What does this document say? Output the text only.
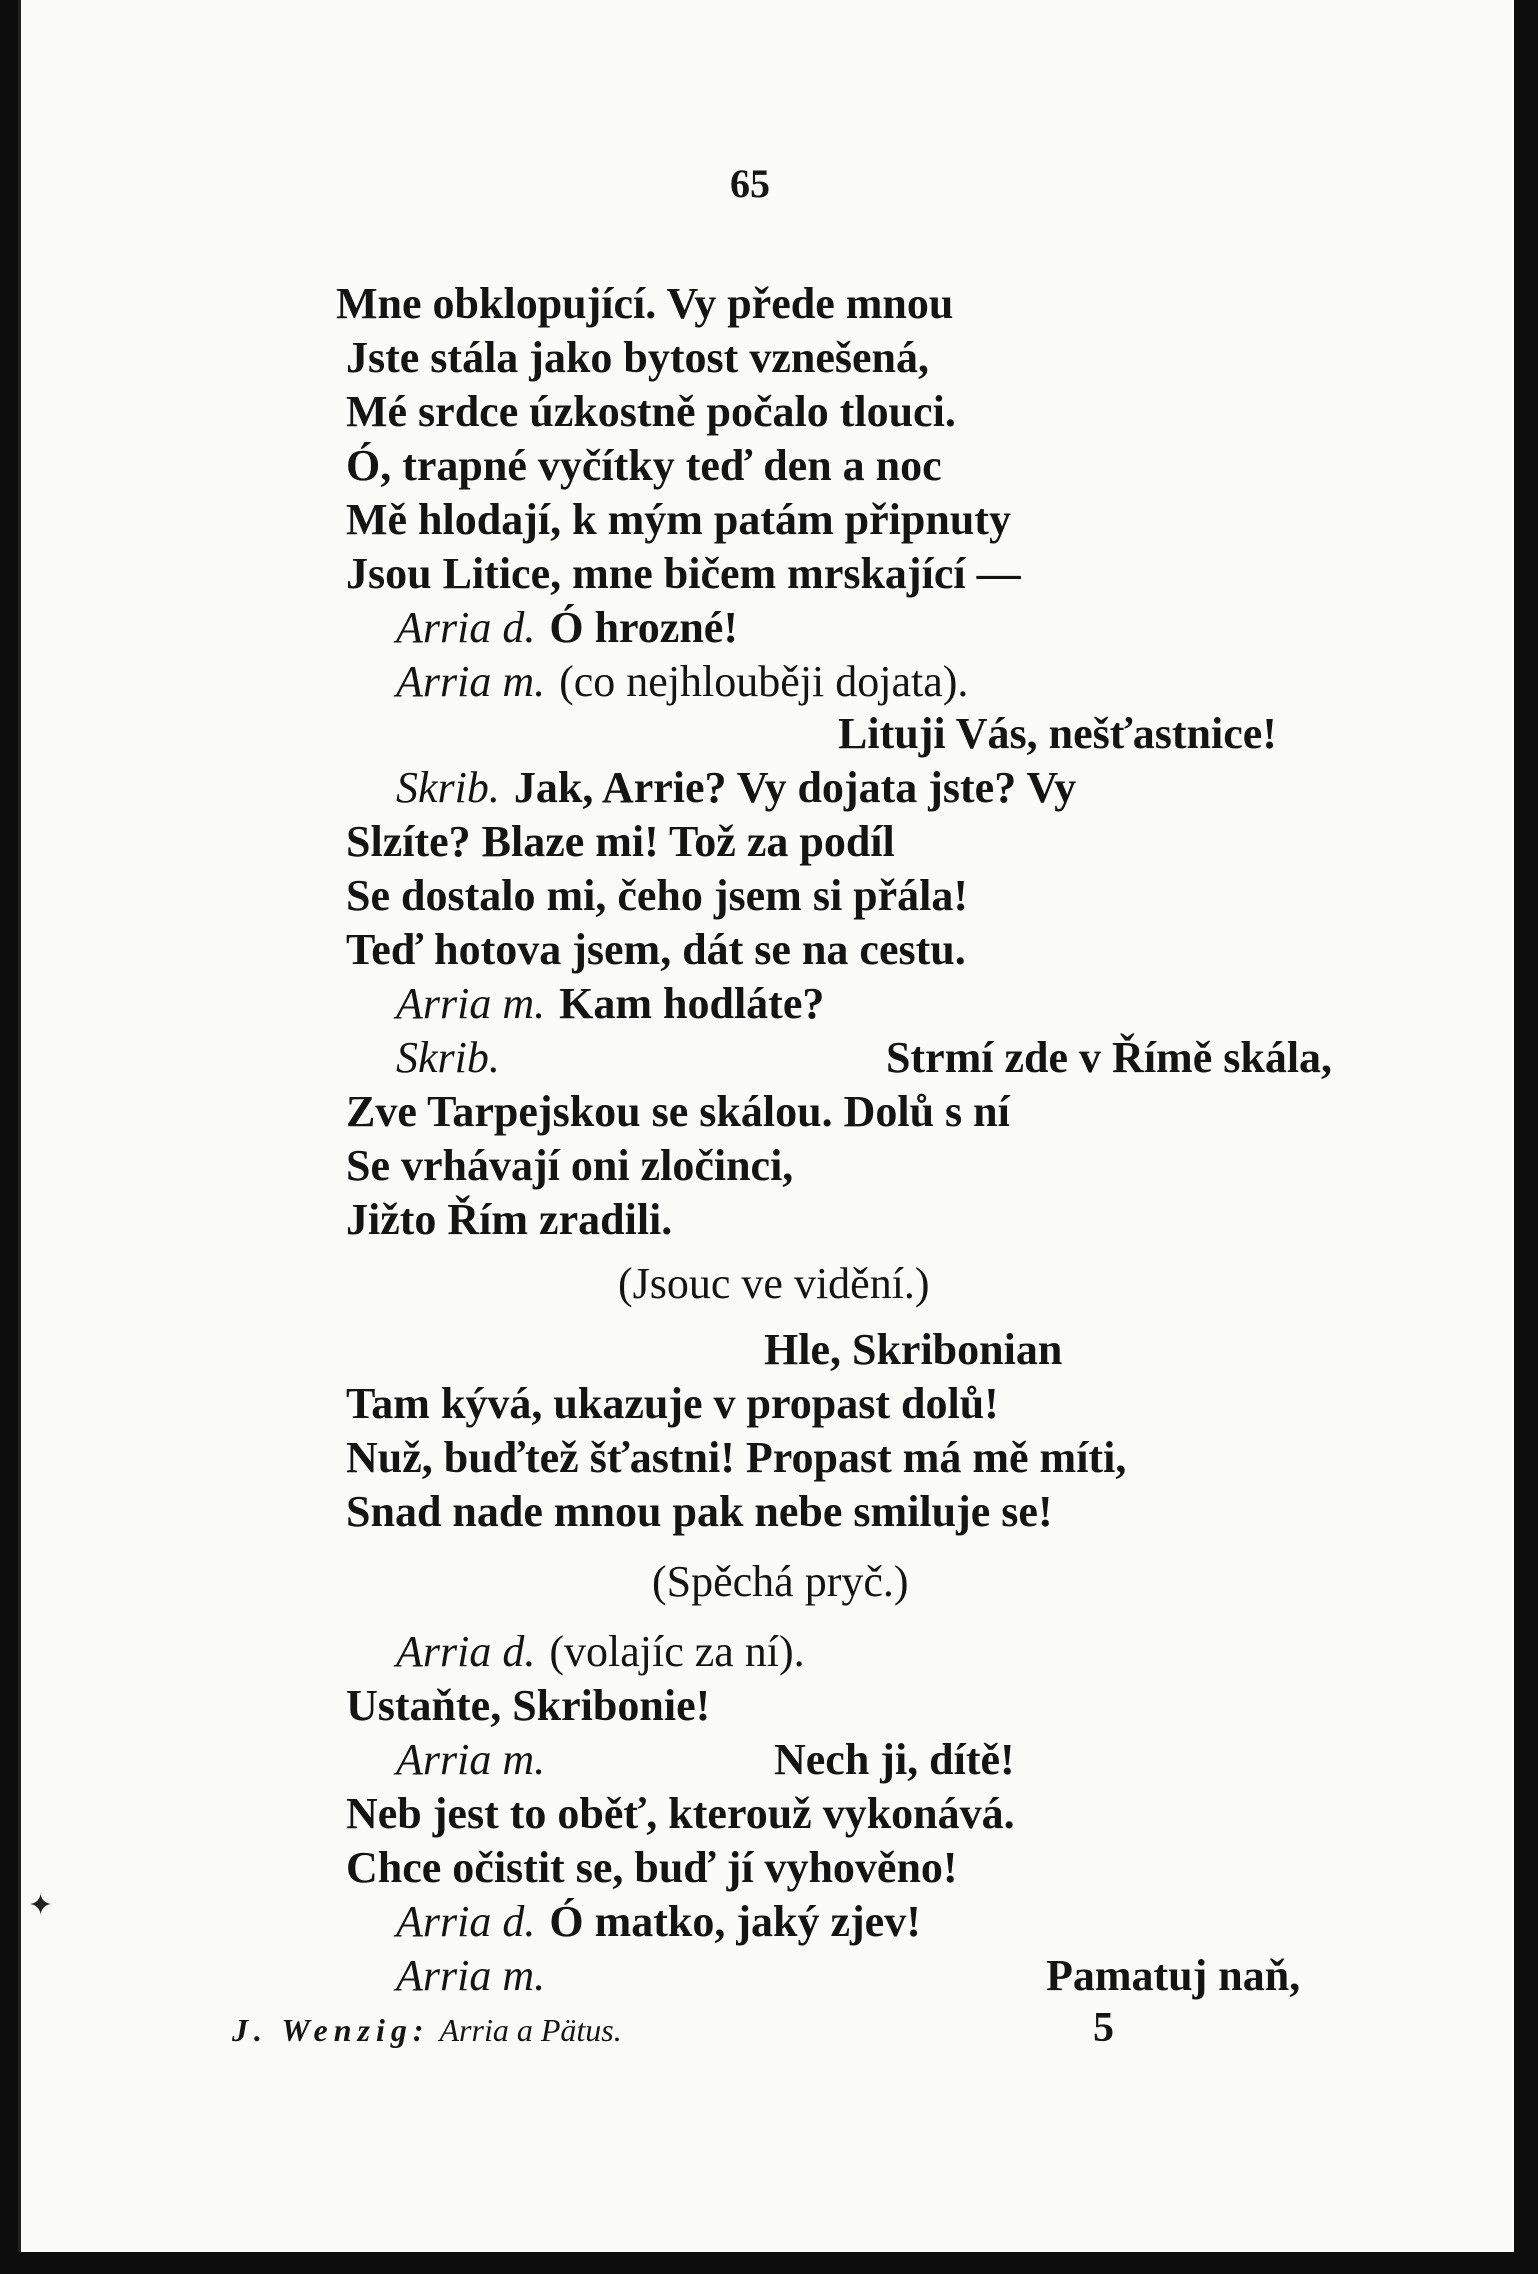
65
Mne obklopující. Vy přede mnou
Jste stála jako bytost vznešená,
Mé srdce úzkostně počalo tlouci.
Ó, trapné vyčítky teď den a noc
Mě hlodají, k mým patám připnuty
Jsou Litice, mne bičem mrskající —
Arria d. Ó hrozné!
Arria m. (co nejhlouběji dojata).
Lituji Vás, nešťastnice!
Skrib. Jak, Arrie? Vy dojata jste? Vy
Slzíte? Blaze mi! Tož za podíl
Se dostalo mi, čeho jsem si přála!
Teď hotova jsem, dát se na cestu.
Arria m. Kam hodláte?
Skrib.	Strmí zde v Římě skála,
Zve Tarpejskou se skálou. Dolů s ní
Se vrhávají oni zločinci,
Jižto Řím zradili.
(Jsouc ve vidění.)
Hle, Skribonian
Tam kývá, ukazuje v propast dolů!
Nuž, buďtež šťastni! Propast má mě míti,
Snad nade mnou pak nebe smiluje se!
(Spěchá pryč.)
Arria d. (volajíc za ní).
Ustaňte, Skribonie!
Arria m.	Nech ji, dítě!
Neb jest to oběť, kterouž vykonává.
Chce očistit se, buď jí vyhověno!
Arria d. Ó matko, jaký zjev!
Arria m.	Pamatuj naň,
✦
J. Wenzig: Arria a Pätus.	5
